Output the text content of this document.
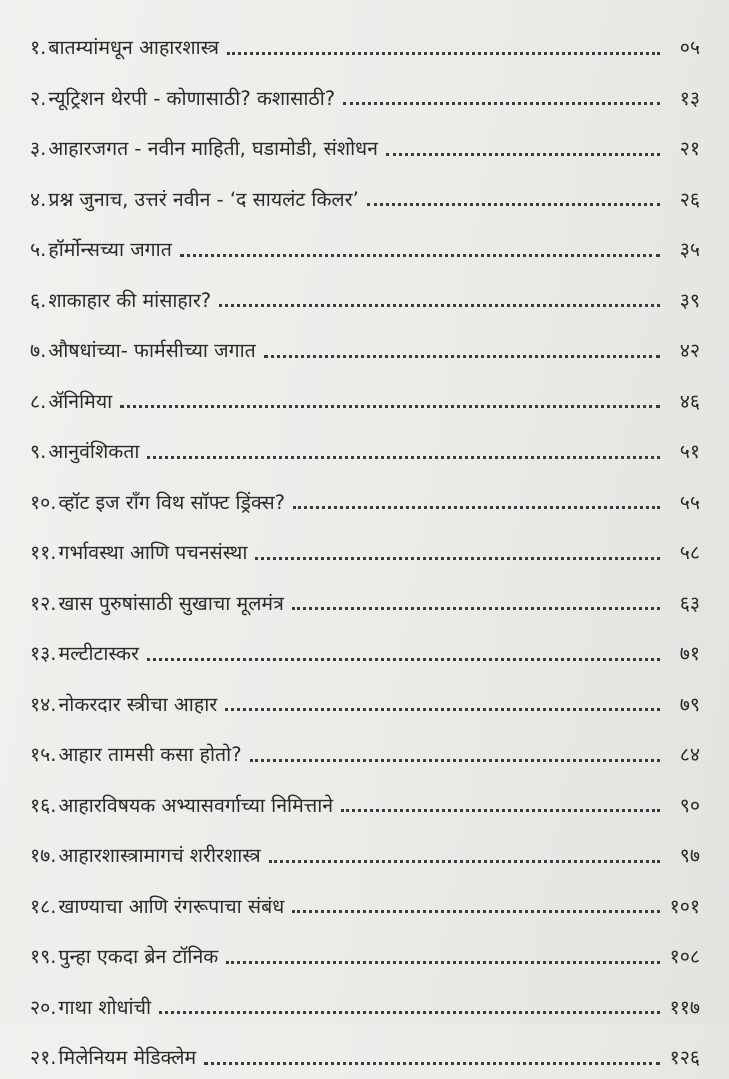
१. बातम्यांमधून आहारशास्त्र	०५
२. न्यूट्रिशन थेरपी - कोणासाठी? कशासाठी?	१३
३. आहारजगत - नवीन माहिती, घडामोडी, संशोधन	२१
४. प्रश्न जुनाच, उत्तरं नवीन - ‘द सायलंट किलर’	२६
५. हॉर्मोन्सच्या जगात	३५
६. शाकाहार की मांसाहार?	३९
७. औषधांच्या- फार्मसीच्या जगात	४२
८. ॲनिमिया	४६
९. आनुवंशिकता	५१
१०. व्हॉट इज रॉंग विथ सॉफ्ट ड्रिंक्स?	५५
११. गर्भावस्था आणि पचनसंस्था	५८
१२. खास पुरुषांसाठी सुखाचा मूलमंत्र	६३
१३. मल्टीटास्कर	७१
१४. नोकरदार स्त्रीचा आहार	७९
१५. आहार तामसी कसा होतो?	८४
१६. आहारविषयक अभ्यासवर्गाच्या निमित्ताने	९०
१७. आहारशास्त्रामागचं शरीरशास्त्र	९७
१८. खाण्याचा आणि रंगरूपाचा संबंध	१०१
१९. पुन्हा एकदा ब्रेन टॉनिक	१०८
२०. गाथा शोधांची	११७
२१. मिलेनियम मेडिक्लेम	१२६
